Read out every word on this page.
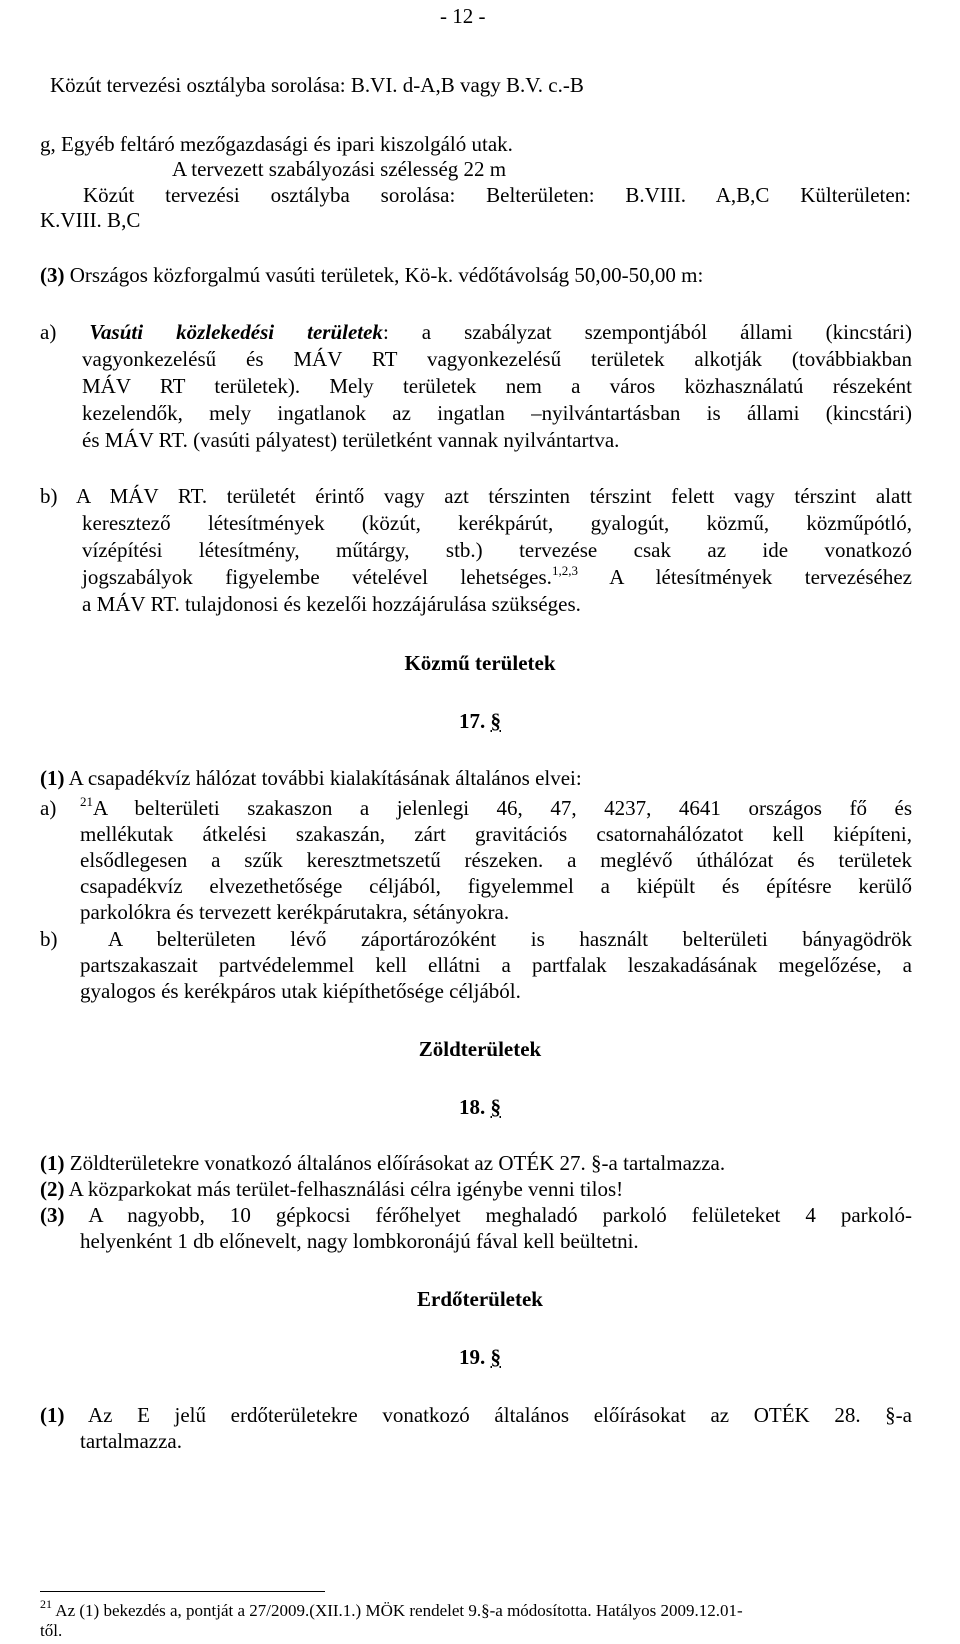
- 12 -
Közút tervezési osztályba sorolása: B.VI. d-A,B vagy B.V. c.-B
g, Egyéb feltáró mezőgazdasági és ipari kiszolgáló utak.
A tervezett szabályozási szélesség 22 m
Közút tervezési osztályba sorolása: Belterületen: B.VIII. A,B,C Külterületen:
K.VIII. B,C
(3) Országos közforgalmú vasúti területek, Kö-k. védőtávolság 50,00-50,00 m:
a) Vasúti közlekedési területek: a szabályzat szempontjából állami (kincstári)
vagyonkezelésű és MÁV RT vagyonkezelésű területek alkotják (továbbiakban
MÁV RT területek). Mely területek nem a város közhasználatú részeként
kezelendők, mely ingatlanok az ingatlan –nyilvántartásban is állami (kincstári)
és MÁV RT. (vasúti pályatest) területként vannak nyilvántartva.
b) A MÁV RT. területét érintő vagy azt térszinten térszint felett vagy térszint alatt
keresztező létesítmények (közút, kerékpárút, gyalogút, közmű, közműpótló,
vízépítési létesítmény, műtárgy, stb.) tervezése csak az ide vonatkozó
jogszabályok figyelembe vételével lehetséges.$^{1,2,3}$ A létesítmények tervezéséhez
a MÁV RT. tulajdonosi és kezelői hozzájárulása szükséges.
Közmű területek
17. §
(1) A csapadékvíz hálózat további kialakításának általános elvei:
a) $^{21}$A belterületi szakaszon a jelenlegi 46, 47, 4237, 4641 országos fő és
mellékutak átkelési szakaszán, zárt gravitációs csatornahálózatot kell kiépíteni,
elsődlegesen a szűk keresztmetszetű részeken. a meglévő úthálózat és területek
csapadékvíz elvezethetősége céljából, figyelemmel a kiépült és építésre kerülő
parkolókra és tervezett kerékpárutakra, sétányokra.
b) A belterületen lévő záportározóként is használt belterületi bányagödrök
partszakaszait partvédelemmel kell ellátni a partfalak leszakadásának megelőzése, a
gyalogos és kerékpáros utak kiépíthetősége céljából.
Zöldterületek
18. §
(1) Zöldterületekre vonatkozó általános előírásokat az OTÉK 27. §-a tartalmazza.
(2) A közparkokat más terület-felhasználási célra igénybe venni tilos!
(3) A nagyobb, 10 gépkocsi férőhelyet meghaladó parkoló felületeket 4 parkoló-
helyenként 1 db előnevelt, nagy lombkoronájú fával kell beültetni.
Erdőterületek
19. §
(1) Az E jelű erdőterületekre vonatkozó általános előírásokat az OTÉK 28. §-a
tartalmazza.
$^{21}$ Az (1) bekezdés a, pontját a 27/2009.(XII.1.) MÖK rendelet 9.§-a módosította. Hatályos 2009.12.01-
től.
